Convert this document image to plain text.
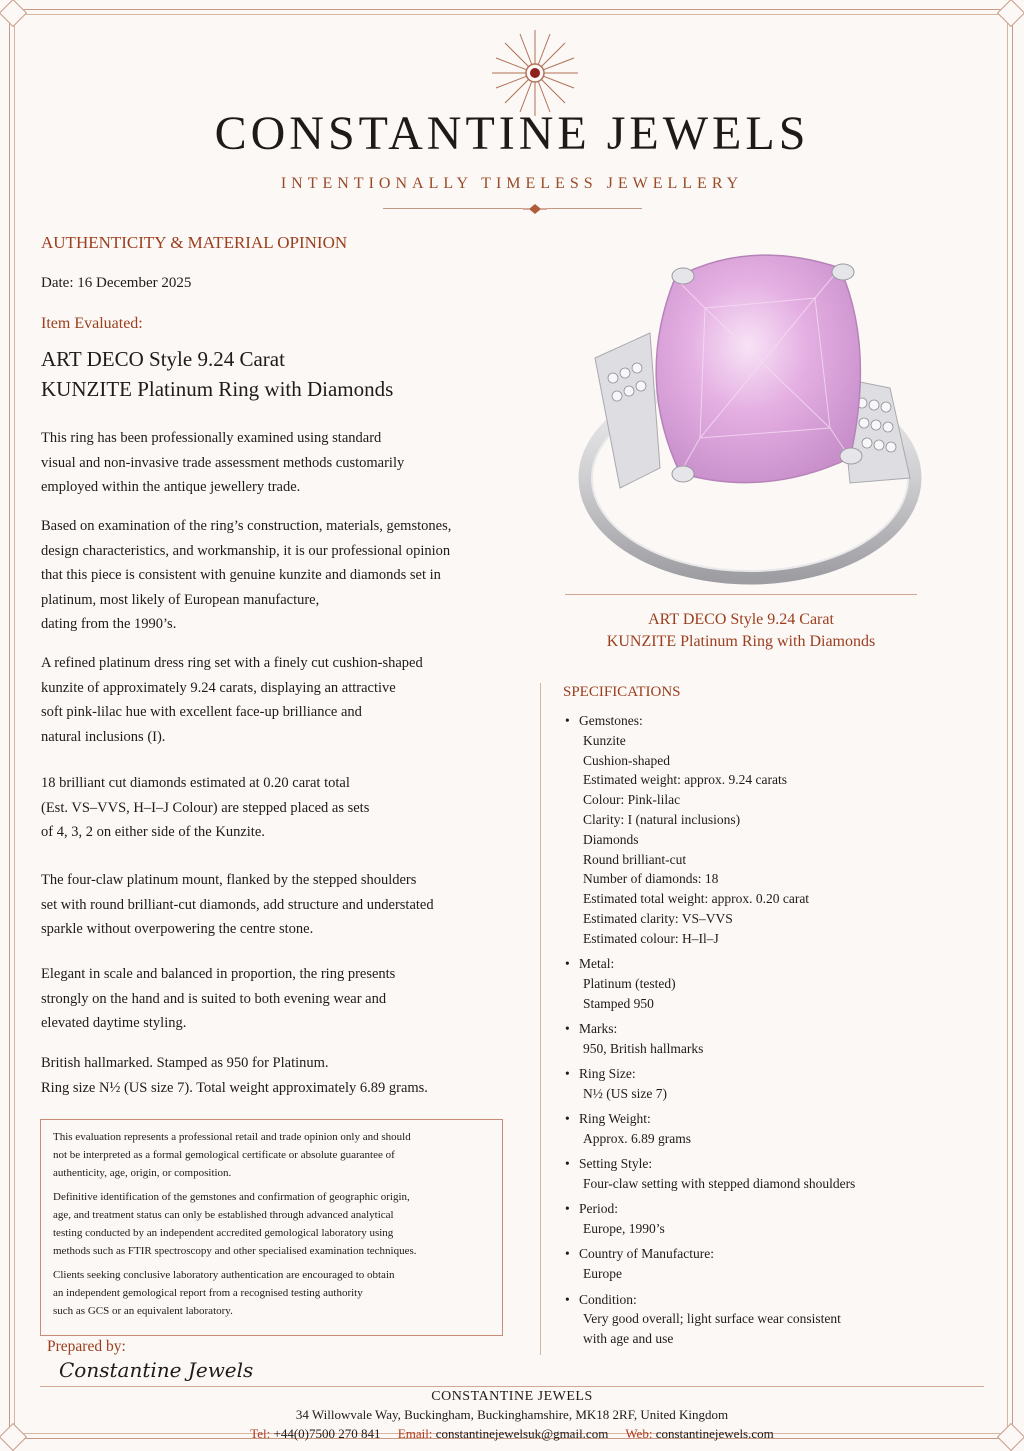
CONSTANTINE JEWELS
INTENTIONALLY TIMELESS JEWELLERY
AUTHENTICITY & MATERIAL OPINION
Date: 16 December 2025
Item Evaluated:
ART DECO Style 9.24 Carat
KUNZITE Platinum Ring with Diamonds
This ring has been professionally examined using standard
visual and non-invasive trade assessment methods customarily
employed within the antique jewellery trade.
Based on examination of the ring’s construction, materials, gemstones,
design characteristics, and workmanship, it is our professional opinion
that this piece is consistent with genuine kunzite and diamonds set in
platinum, most likely of European manufacture,
dating from the 1990’s.
A refined platinum dress ring set with a finely cut cushion-shaped
kunzite of approximately 9.24 carats, displaying an attractive
soft pink-lilac hue with excellent face-up brilliance and
natural inclusions (I).
18 brilliant cut diamonds estimated at 0.20 carat total
(Est. VS–VVS, H–I–J Colour) are stepped placed as sets
of 4, 3, 2 on either side of the Kunzite.
The four-claw platinum mount, flanked by the stepped shoulders
set with round brilliant-cut diamonds, add structure and understated
sparkle without overpowering the centre stone.
Elegant in scale and balanced in proportion, the ring presents
strongly on the hand and is suited to both evening wear and
elevated daytime styling.
British hallmarked. Stamped as 950 for Platinum.
Ring size N½ (US size 7). Total weight approximately 6.89 grams.
This evaluation represents a professional retail and trade opinion only and should
not be interpreted as a formal gemological certificate or absolute guarantee of
authenticity, age, origin, or composition.
Definitive identification of the gemstones and confirmation of geographic origin,
age, and treatment status can only be established through advanced analytical
testing conducted by an independent accredited gemological laboratory using
methods such as FTIR spectroscopy and other specialised examination techniques.
Clients seeking conclusive laboratory authentication are encouraged to obtain
an independent gemological report from a recognised testing authority
such as GCS or an equivalent laboratory.
Prepared by:
Constantine Jewels
ART DECO Style 9.24 Carat
KUNZITE Platinum Ring with Diamonds
SPECIFICATIONS
• Gemstones:
Kunzite
Cushion-shaped
Estimated weight: approx. 9.24 carats
Colour: Pink-lilac
Clarity: I (natural inclusions)
Diamonds
Round brilliant-cut
Number of diamonds: 18
Estimated total weight: approx. 0.20 carat
Estimated clarity: VS–VVS
Estimated colour: H–Il–J
• Metal:
Platinum (tested)
Stamped 950
• Marks:
950, British hallmarks
• Ring Size:
N½ (US size 7)
• Ring Weight:
Approx. 6.89 grams
• Setting Style:
Four-claw setting with stepped diamond shoulders
• Period:
Europe, 1990’s
• Country of Manufacture:
Europe
• Condition:
Very good overall; light surface wear consistent
with age and use
CONSTANTINE JEWELS
34 Willowvale Way, Buckingham, Buckinghamshire, MK18 2RF, United Kingdom
Tel: +44(0)7500 270 841 Email: constantinejewelsuk@gmail.com Web: constantinejewels.com
